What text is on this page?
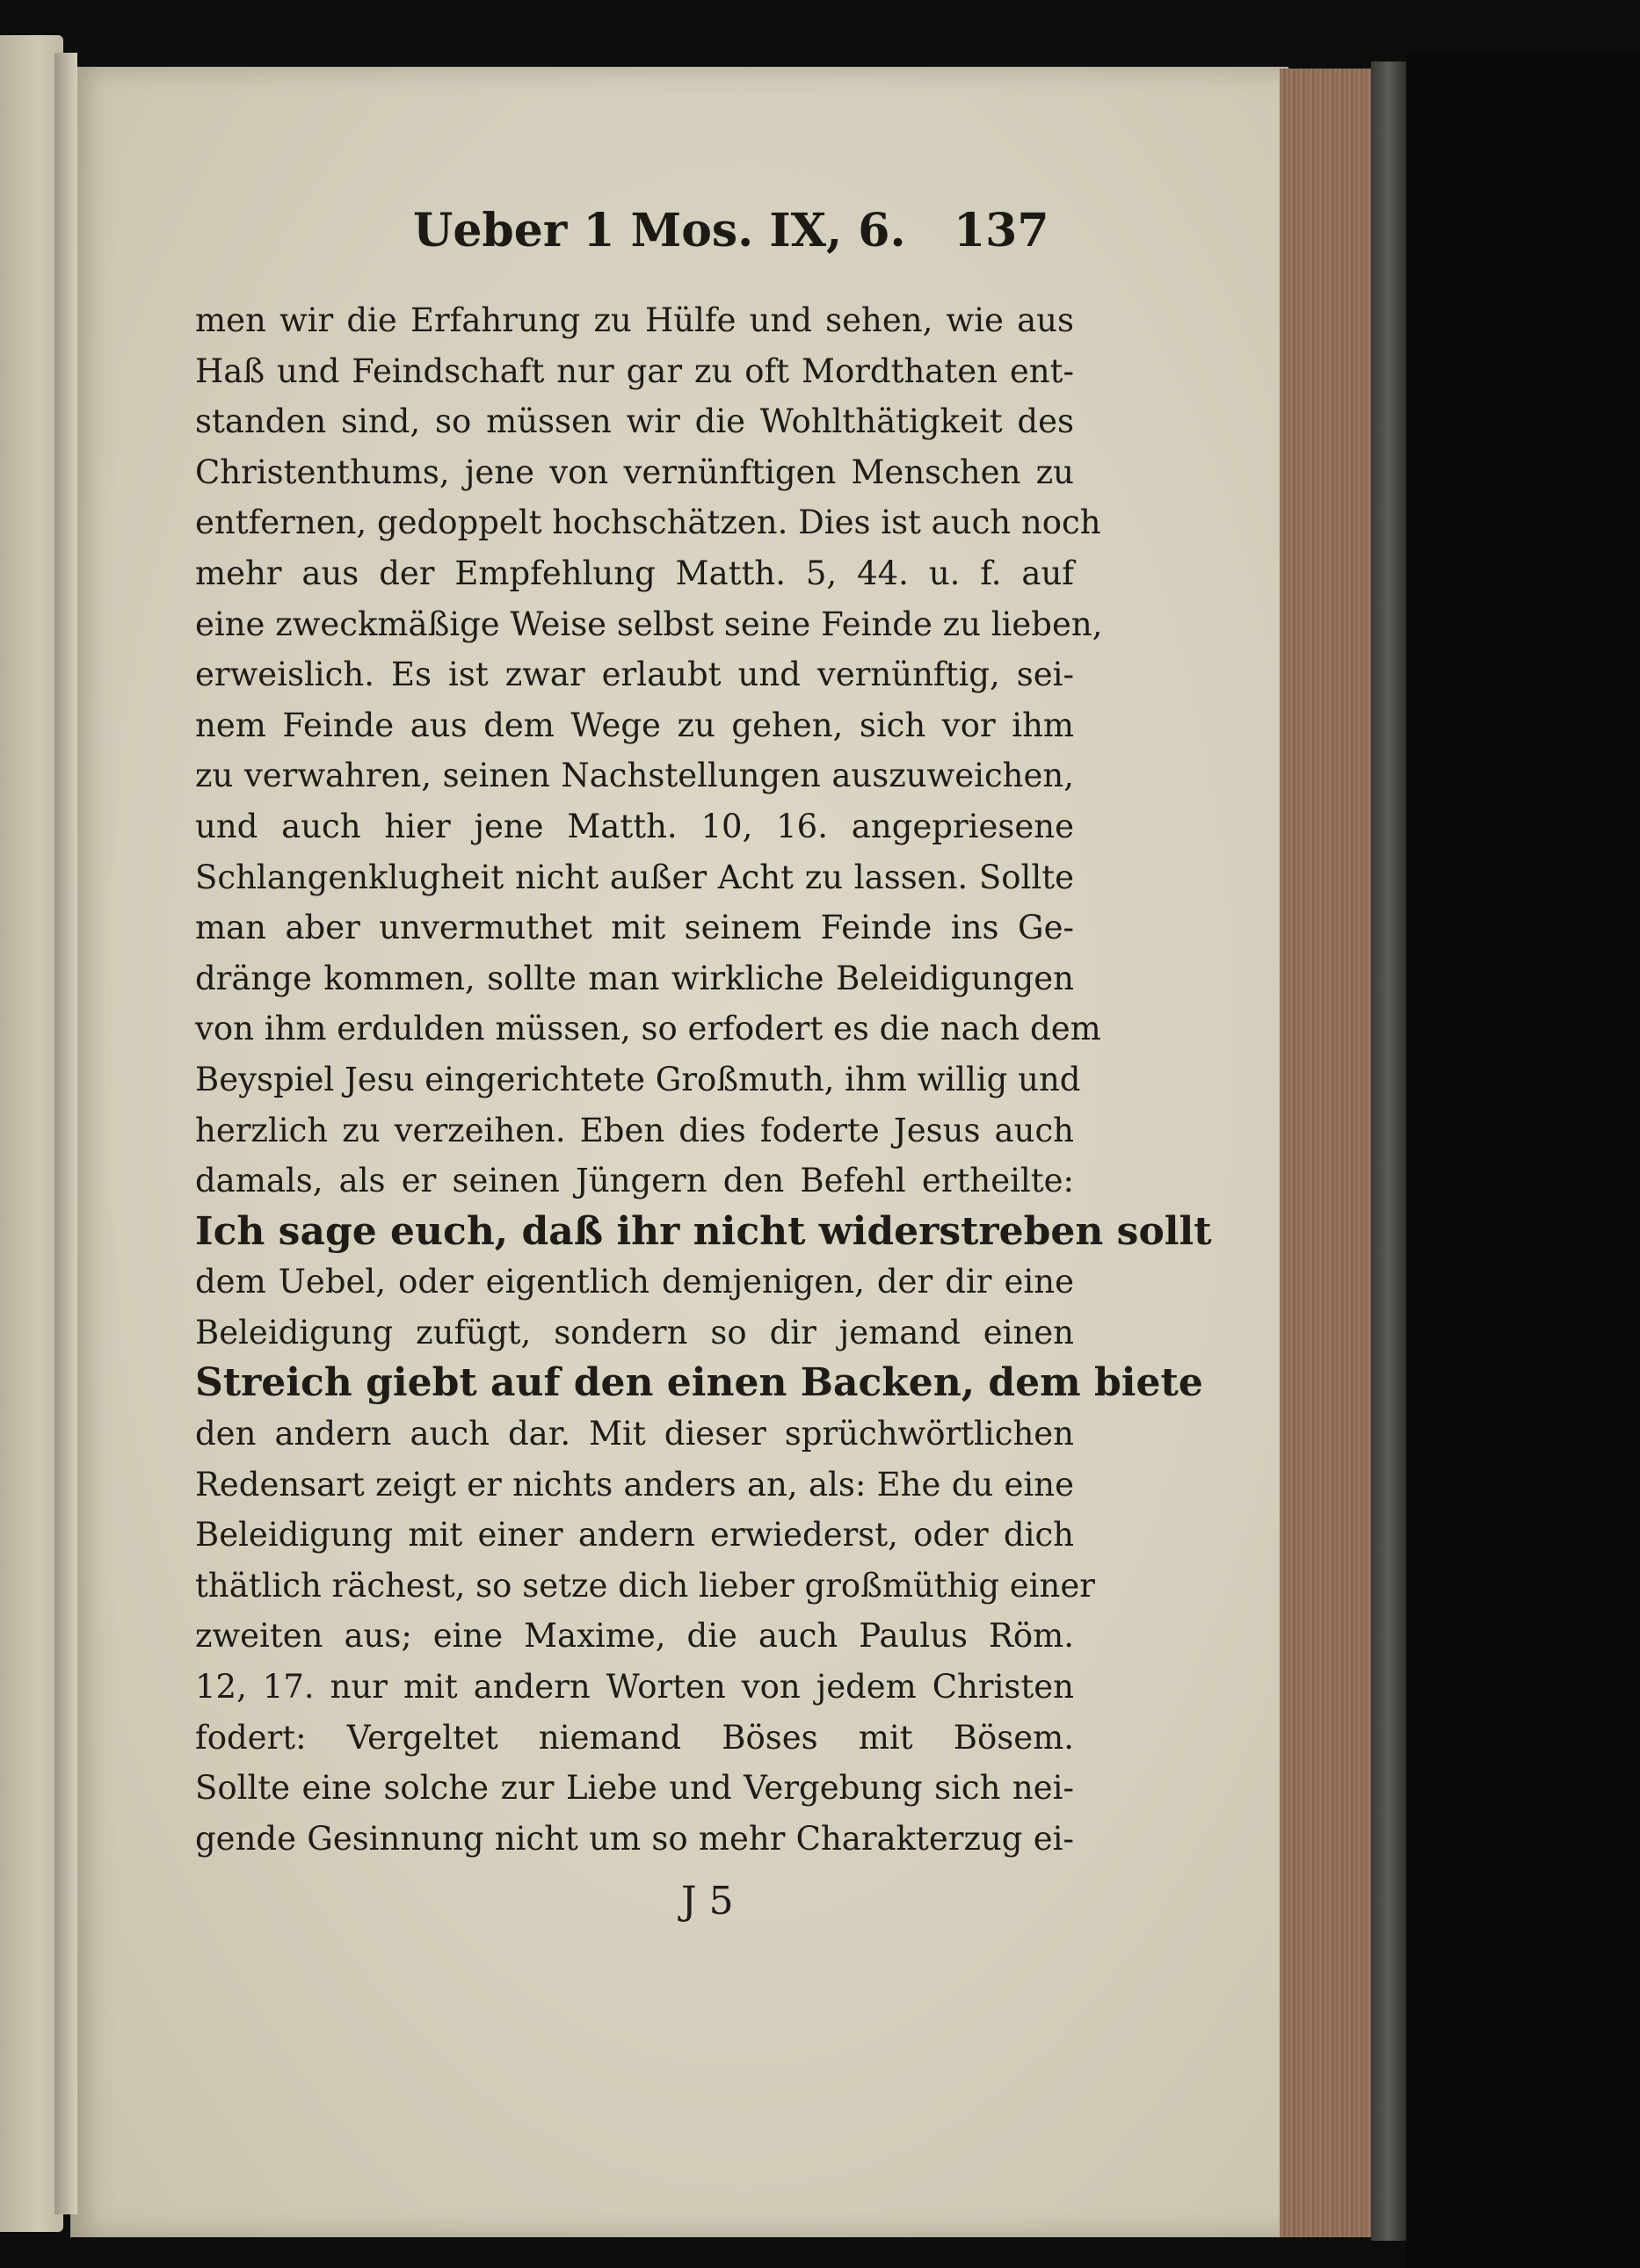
Ueber 1 Mos. IX, 6. 137
men wir die Erfahrung zu Hülfe und sehen, wie aus
Haß und Feindschaft nur gar zu oft Mordthaten ent-
standen sind, so müssen wir die Wohlthätigkeit des
Christenthums, jene von vernünftigen Menschen zu
entfernen, gedoppelt hochschätzen. Dies ist auch noch
mehr aus der Empfehlung Matth. 5, 44. u. f. auf
eine zweckmäßige Weise selbst seine Feinde zu lieben,
erweislich. Es ist zwar erlaubt und vernünftig, sei-
nem Feinde aus dem Wege zu gehen, sich vor ihm
zu verwahren, seinen Nachstellungen auszuweichen,
und auch hier jene Matth. 10, 16. angepriesene
Schlangenklugheit nicht außer Acht zu lassen. Sollte
man aber unvermuthet mit seinem Feinde ins Ge-
dränge kommen, sollte man wirkliche Beleidigungen
von ihm erdulden müssen, so erfodert es die nach dem
Beyspiel Jesu eingerichtete Großmuth, ihm willig und
herzlich zu verzeihen. Eben dies foderte Jesus auch
damals, als er seinen Jüngern den Befehl ertheilte:
Ich sage euch, daß ihr nicht widerstreben sollt
dem Uebel, oder eigentlich demjenigen, der dir eine
Beleidigung zufügt, sondern so dir jemand einen
Streich giebt auf den einen Backen, dem biete
den andern auch dar. Mit dieser sprüchwörtlichen
Redensart zeigt er nichts anders an, als: Ehe du eine
Beleidigung mit einer andern erwiederst, oder dich
thätlich rächest, so setze dich lieber großmüthig einer
zweiten aus; eine Maxime, die auch Paulus Röm.
12, 17. nur mit andern Worten von jedem Christen
fodert: Vergeltet niemand Böses mit Bösem.
Sollte eine solche zur Liebe und Vergebung sich nei-
gende Gesinnung nicht um so mehr Charakterzug ei-
J 5
